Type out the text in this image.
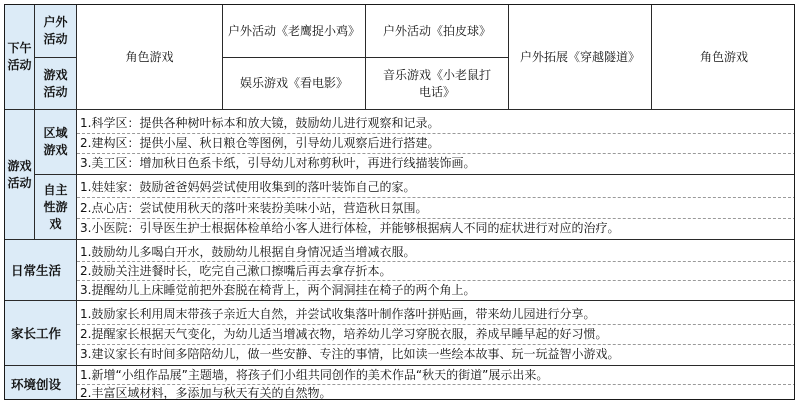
下午活动
户外活动
游戏活动
角色游戏
户外活动《老鹰捉小鸡》
娱乐游戏《看电影》
户外活动《拍皮球》
音乐游戏《小老鼠打电话》
户外拓展《穿越隧道》	角色游戏
游戏活动
区域游戏
自主性游戏
1.科学区：提供各种树叶标本和放大镜，鼓励幼儿进行观察和记录。
2.建构区：提供小屋、秋日粮仓等图例，引导幼儿观察后进行搭建。
3.美工区：增加秋日色系卡纸，引导幼儿对称剪秋叶，再进行线描装饰画。
1.娃娃家：鼓励爸爸妈妈尝试使用收集到的落叶装饰自己的家。
2.点心店：尝试使用秋天的落叶来装扮美味小站，营造秋日氛围。
3.小医院：引导医生护士根据体检单给小客人进行体检，并能够根据病人不同的症状进行对应的治疗。
日常生活
1.鼓励幼儿多喝白开水，鼓励幼儿根据自身情况适当增减衣服。
2.鼓励关注进餐时长，吃完自己漱口擦嘴后再去拿存折本。
3.提醒幼儿上床睡觉前把外套脱在椅背上，两个洞洞挂在椅子的两个角上。
家长工作
1.鼓励家长利用周末带孩子亲近大自然，并尝试收集落叶制作落叶拼贴画，带来幼儿园进行分享。
2.提醒家长根据天气变化，为幼儿适当增减衣物，培养幼儿学习穿脱衣服，养成早睡早起的好习惯。
3.建议家长有时间多陪陪幼儿，做一些安静、专注的事情，比如读一些绘本故事、玩一玩益智小游戏。
环境创设
1.新增“小组作品展”主题墙，将孩子们小组共同创作的美术作品“秋天的街道”展示出来。
2.丰富区域材料，多添加与秋天有关的自然物。
